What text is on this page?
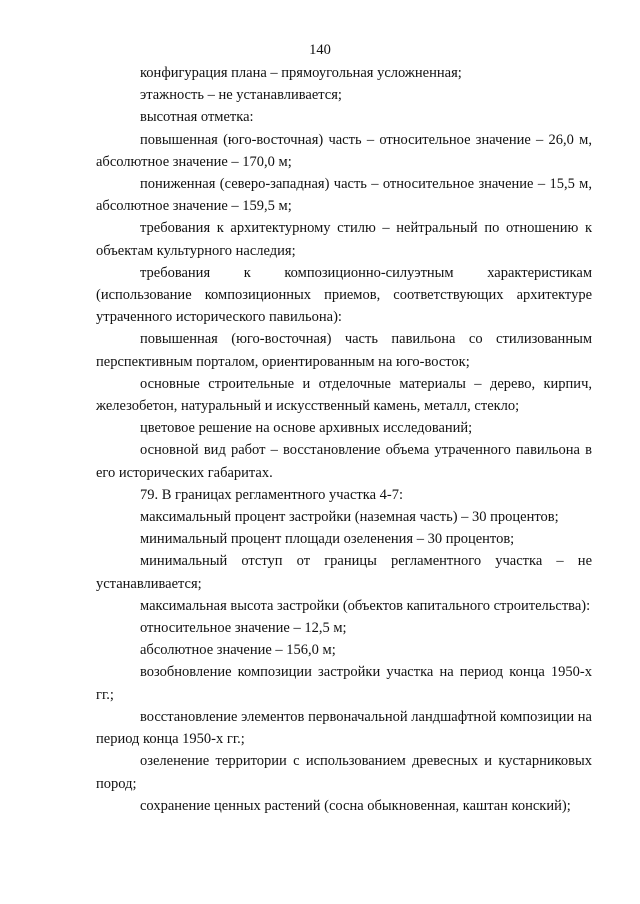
140

конфигурация плана – прямоугольная усложненная;

этажность – не устанавливается;

высотная отметка:

повышенная (юго-восточная) часть – относительное значение – 26,0 м, абсолютное значение – 170,0 м;

пониженная (северо-западная) часть – относительное значение – 15,5 м, абсолютное значение – 159,5 м;

требования к архитектурному стилю – нейтральный по отношению к объектам культурного наследия;

требования к композиционно-силуэтным характеристикам (использование композиционных приемов, соответствующих архитектуре утраченного исторического павильона):

повышенная (юго-восточная) часть павильона со стилизованным перспективным порталом, ориентированным на юго-восток;

основные строительные и отделочные материалы – дерево, кирпич, железобетон, натуральный и искусственный камень, металл, стекло;

цветовое решение на основе архивных исследований;

основной вид работ – восстановление объема утраченного павильона в его исторических габаритах.

79. В границах регламентного участка 4-7:

максимальный процент застройки (наземная часть) – 30 процентов;

минимальный процент площади озеленения – 30 процентов;

минимальный отступ от границы регламентного участка – не устанавливается;

максимальная высота застройки (объектов капитального строительства):

относительное значение – 12,5 м;

абсолютное значение – 156,0 м;

возобновление композиции застройки участка на период конца 1950-х гг.;

восстановление элементов первоначальной ландшафтной композиции на период конца 1950-х гг.;

озеленение территории с использованием древесных и кустарниковых пород;

сохранение ценных растений (сосна обыкновенная, каштан конский);
